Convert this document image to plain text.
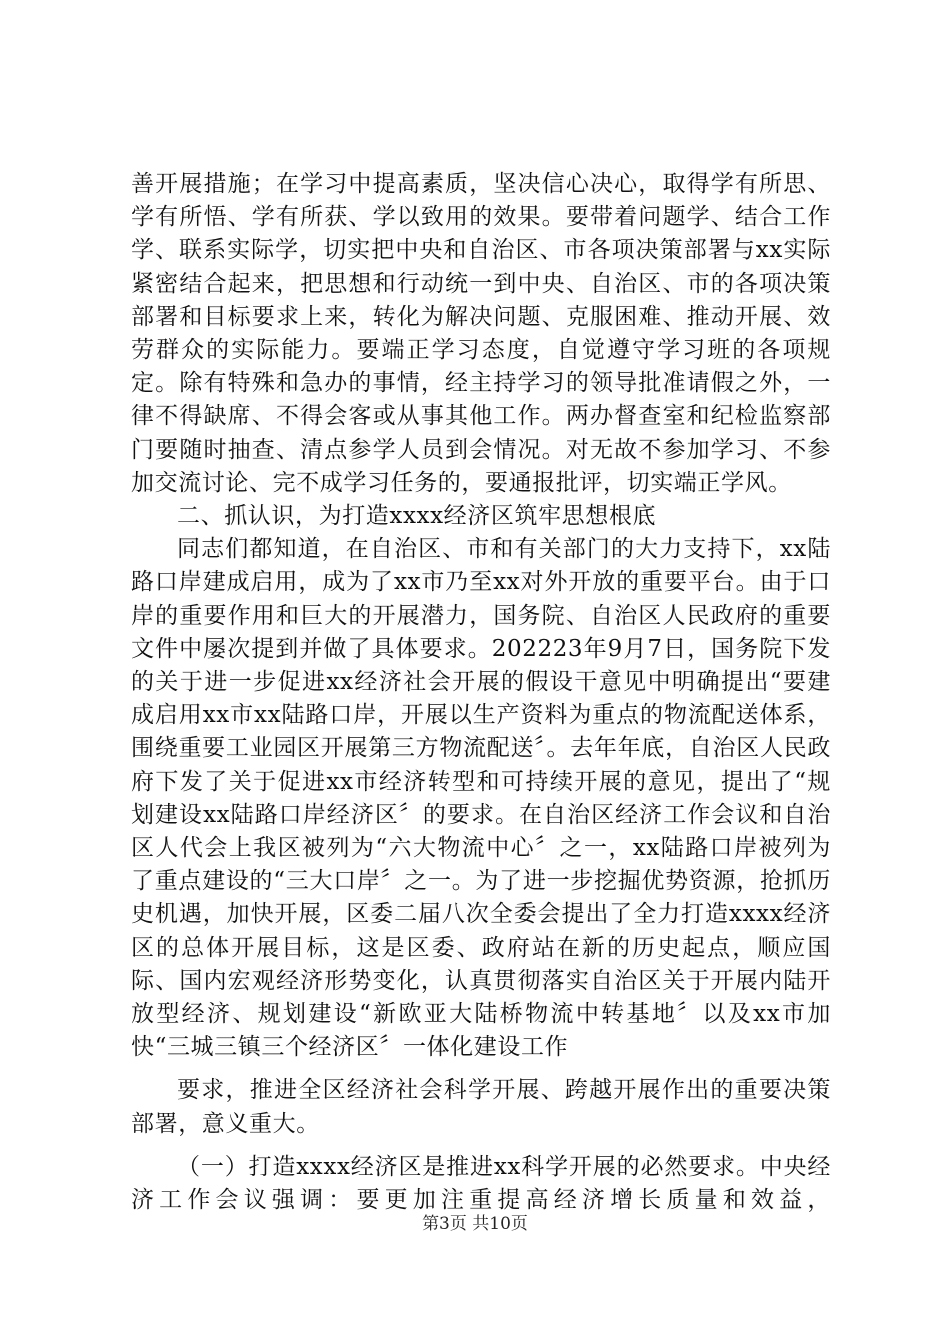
善开展措施；在学习中提高素质，坚决信心决心，取得学有所思、学有所悟、学有所获、学以致用的效果。要带着问题学、结合工作学、联系实际学，切实把中央和自治区、市各项决策部署与xx实际紧密结合起来，把思想和行动统一到中央、自治区、市的各项决策部署和目标要求上来，转化为解决问题、克服困难、推动开展、效劳群众的实际能力。要端正学习态度，自觉遵守学习班的各项规定。除有特殊和急办的事情，经主持学习的领导批准请假之外，一律不得缺席、不得会客或从事其他工作。两办督查室和纪检监察部门要随时抽查、清点参学人员到会情况。对无故不参加学习、不参加交流讨论、完不成学习任务的，要通报批评，切实端正学风。

二、抓认识，为打造xxxx经济区筑牢思想根底

同志们都知道，在自治区、市和有关部门的大力支持下，xx陆路口岸建成启用，成为了xx市乃至xx对外开放的重要平台。由于口岸的重要作用和巨大的开展潜力，国务院、自治区人民政府的重要文件中屡次提到并做了具体要求。202223年9月7日，国务院下发的关于进一步促进xx经济社会开展的假设干意见中明确提出“要建成启用xx市xx陆路口岸，开展以生产资料为重点的物流配送体系，围绕重要工业园区开展第三方物流配送〞。去年年底，自治区人民政府下发了关于促进xx市经济转型和可持续开展的意见，提出了“规划建设xx陆路口岸经济区〞的要求。在自治区经济工作会议和自治区人代会上我区被列为“六大物流中心〞之一，xx陆路口岸被列为了重点建设的“三大口岸〞之一。为了进一步挖掘优势资源，抢抓历史机遇，加快开展，区委二届八次全委会提出了全力打造xxxx经济区的总体开展目标，这是区委、政府站在新的历史起点，顺应国际、国内宏观经济形势变化，认真贯彻落实自治区关于开展内陆开放型经济、规划建设“新欧亚大陆桥物流中转基地〞以及xx市加快“三城三镇三个经济区〞一体化建设工作

要求，推进全区经济社会科学开展、跨越开展作出的重要决策部署，意义重大。

（一）打造xxxx经济区是推进xx科学开展的必然要求。中央经济工作会议强调：要更加注重提高经济增长质量和效益，

第3页 共10页
